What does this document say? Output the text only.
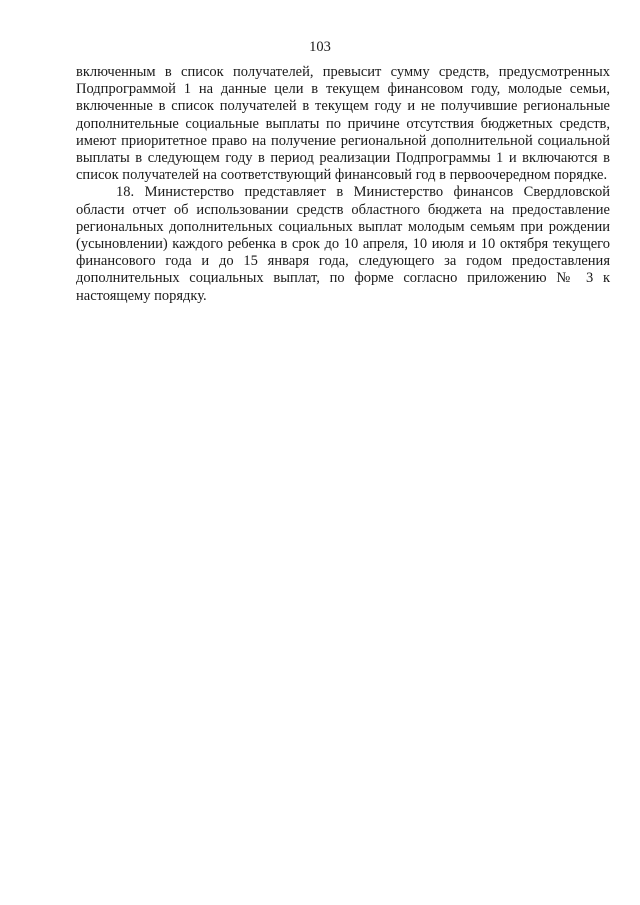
103

включенным в список получателей, превысит сумму средств, предусмотренных Подпрограммой 1 на данные цели в текущем финансовом году, молодые семьи, включенные в список получателей в текущем году и не получившие региональные дополнительные социальные выплаты по причине отсутствия бюджетных средств, имеют приоритетное право на получение региональной дополнительной социальной выплаты в следующем году в период реализации Подпрограммы 1 и включаются в список получателей на соответствующий финансовый год в первоочередном порядке.

18. Министерство представляет в Министерство финансов Свердловской области отчет об использовании средств областного бюджета на предоставление региональных дополнительных социальных выплат молодым семьям при рождении (усыновлении) каждого ребенка в срок до 10 апреля, 10 июля и 10 октября текущего финансового года и до 15 января года, следующего за годом предоставления дополнительных социальных выплат, по форме согласно приложению № 3 к настоящему порядку.
